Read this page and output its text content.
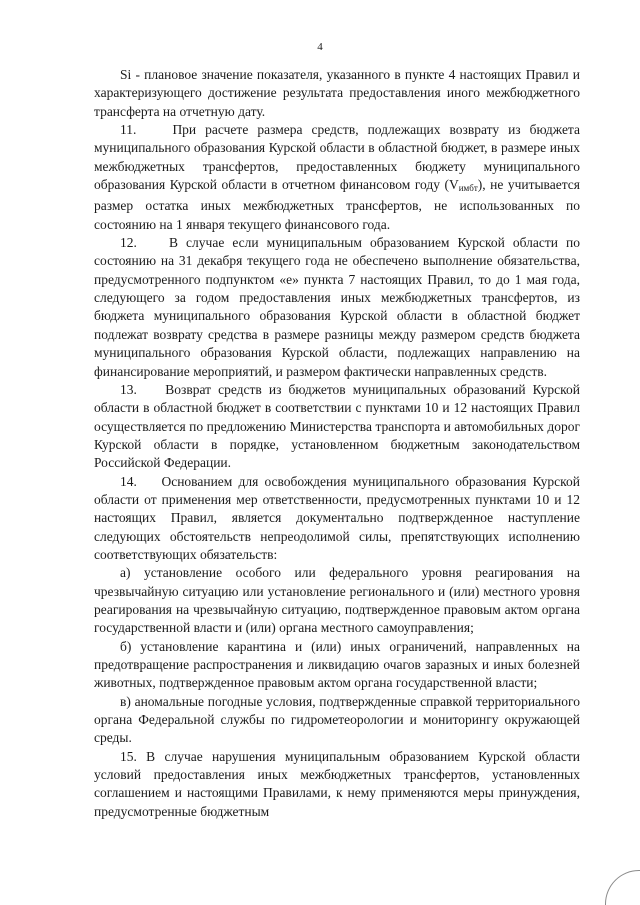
4

Si - плановое значение показателя, указанного в пункте 4 настоящих Правил и характеризующего достижение результата предоставления иного межбюджетного трансферта на отчетную дату.

11.	При расчете размера средств, подлежащих возврату из бюджета муниципального образования Курской области в областной бюджет, в размере иных межбюджетных трансфертов, предоставленных бюджету муниципального образования Курской области в отчетном финансовом году $(V_{имбт})$, не учитывается размер остатка иных межбюджетных трансфертов, не использованных по состоянию на 1 января текущего финансового года.

12. В случае если муниципальным образованием Курской области по состоянию на 31 декабря текущего года не обеспечено выполнение обязательства, предусмотренного подпунктом «е» пункта 7 настоящих Правил, то до 1 мая года, следующего за годом предоставления иных межбюджетных трансфертов, из бюджета муниципального образования Курской области в областной бюджет подлежат возврату средства в размере разницы между размером средств бюджета муниципального образования Курской области, подлежащих направлению на финансирование мероприятий, и размером фактически направленных средств.

13. Возврат средств из бюджетов муниципальных образований Курской области в областной бюджет в соответствии с пунктами 10 и 12 настоящих Правил осуществляется по предложению Министерства транспорта и автомобильных дорог Курской области в порядке, установленном бюджетным законодательством Российской Федерации.

14. Основанием для освобождения муниципального образования Курской области от применения мер ответственности, предусмотренных пунктами 10 и 12 настоящих Правил, является документально подтвержденное наступление следующих обстоятельств непреодолимой силы, препятствующих исполнению соответствующих обязательств:

а) установление особого или федерального уровня реагирования на чрезвычайную ситуацию или установление регионального и (или) местного уровня реагирования на чрезвычайную ситуацию, подтвержденное правовым актом органа государственной власти и (или) органа местного самоуправления;

б) установление карантина и (или) иных ограничений, направленных на предотвращение распространения и ликвидацию очагов заразных и иных болезней животных, подтвержденное правовым актом органа государственной власти;

в) аномальные погодные условия, подтвержденные справкой территориального органа Федеральной службы по гидрометеорологии и мониторингу окружающей среды.

15. В случае нарушения муниципальным образованием Курской области условий предоставления иных межбюджетных трансфертов, установленных соглашением и настоящими Правилами, к нему применяются меры принуждения, предусмотренные бюджетным
